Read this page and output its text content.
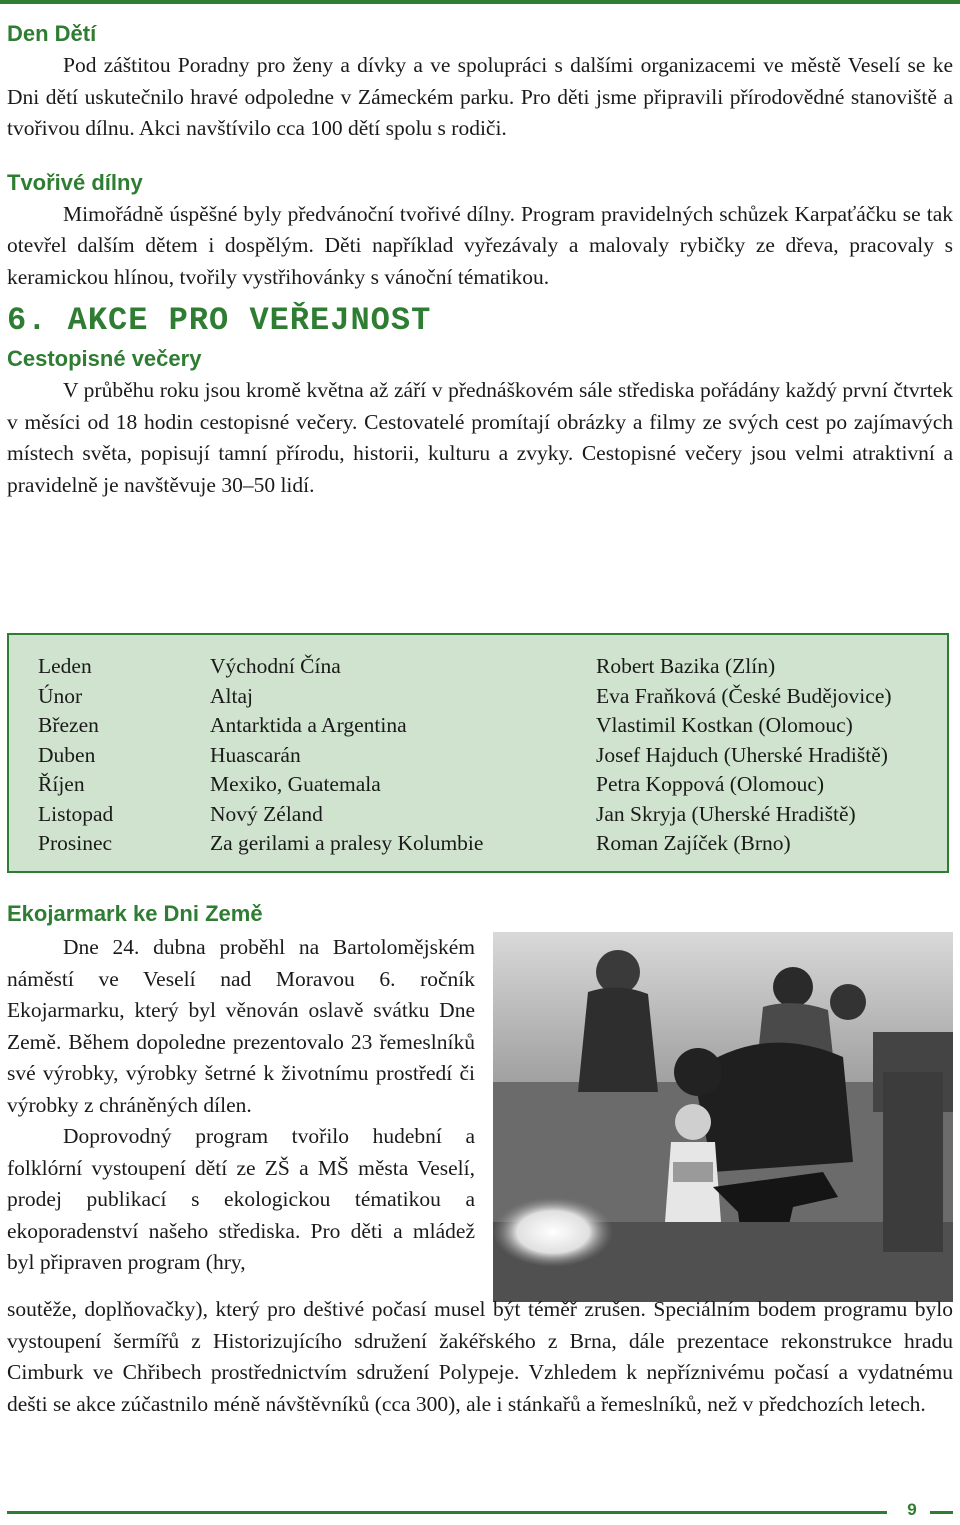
Den Dětí

Pod záštitou Poradny pro ženy a dívky a ve spolupráci s dalšími organizacemi ve městě Veselí se ke Dni dětí uskutečnilo hravé odpoledne v Zámeckém parku. Pro děti jsme připravili přírodovědné stanoviště a tvořivou dílnu. Akci navštívilo cca 100 dětí spolu s rodiči.

Tvořivé dílny

Mimořádně úspěšné byly předvánoční tvořivé dílny. Program pravidelných schůzek Karpaťáčku se tak otevřel dalším dětem i dospělým. Děti například vyřezávaly a malovaly rybičky ze dřeva, pracovaly s keramickou hlínou, tvořily vystřihovánky s vánoční tématikou.

6. AKCE PRO VEŘEJNOST
Cestopisné večery

V průběhu roku jsou kromě května až září v přednáškovém sále střediska pořádány každý první čtvrtek v měsíci od 18 hodin cestopisné večery. Cestovatelé promítají obrázky a filmy ze svých cest po zajímavých místech světa, popisují tamní přírodu, historii, kulturu a zvyky. Cestopisné večery jsou velmi atraktivní a pravidelně je navštěvuje 30–50 lidí.

Leden	Východní Čína	Robert Bazika (Zlín)
Únor	Altaj	Eva Fraňková (České Budějovice)
Březen	Antarktida a Argentina	Vlastimil Kostkan (Olomouc)
Duben	Huascarán	Josef Hajduch (Uherské Hradiště)
Říjen	Mexiko, Guatemala	Petra Koppová (Olomouc)
Listopad	Nový Zéland	Jan Skryja (Uherské Hradiště)
Prosinec	Za gerilami a pralesy Kolumbie	Roman Zajíček (Brno)
Ekojarmark ke Dni Země

Dne 24. dubna proběhl na Bartolomějském náměstí ve Veselí nad Moravou 6. ročník Ekojarmarku, který byl věnován oslavě svátku Dne Země. Během dopoledne prezentovalo 23 řemeslníků své výrobky, výrobky šetrné k životnímu prostředí či výrobky z chráněných dílen.

Doprovodný program tvořilo hudební a folklórní vystoupení dětí ze ZŠ a MŠ města Veselí, prodej publikací s ekologickou tématikou a ekoporadenství našeho střediska. Pro děti a mládež byl připraven program (hry,

soutěže, doplňovačky), který pro deštivé počasí musel být téměř zrušen. Speciálním bodem programu bylo vystoupení šermířů z Historizujícího sdružení žakéřského z Brna, dále prezentace rekonstrukce hradu Cimburk ve Chřibech prostřednictvím sdružení Polypeje. Vzhledem k nepříznivému počasí a vydatnému dešti se akce zúčastnilo méně návštěvníků (cca 300), ale i stánkařů a řemeslníků, než v předchozích letech.

9
